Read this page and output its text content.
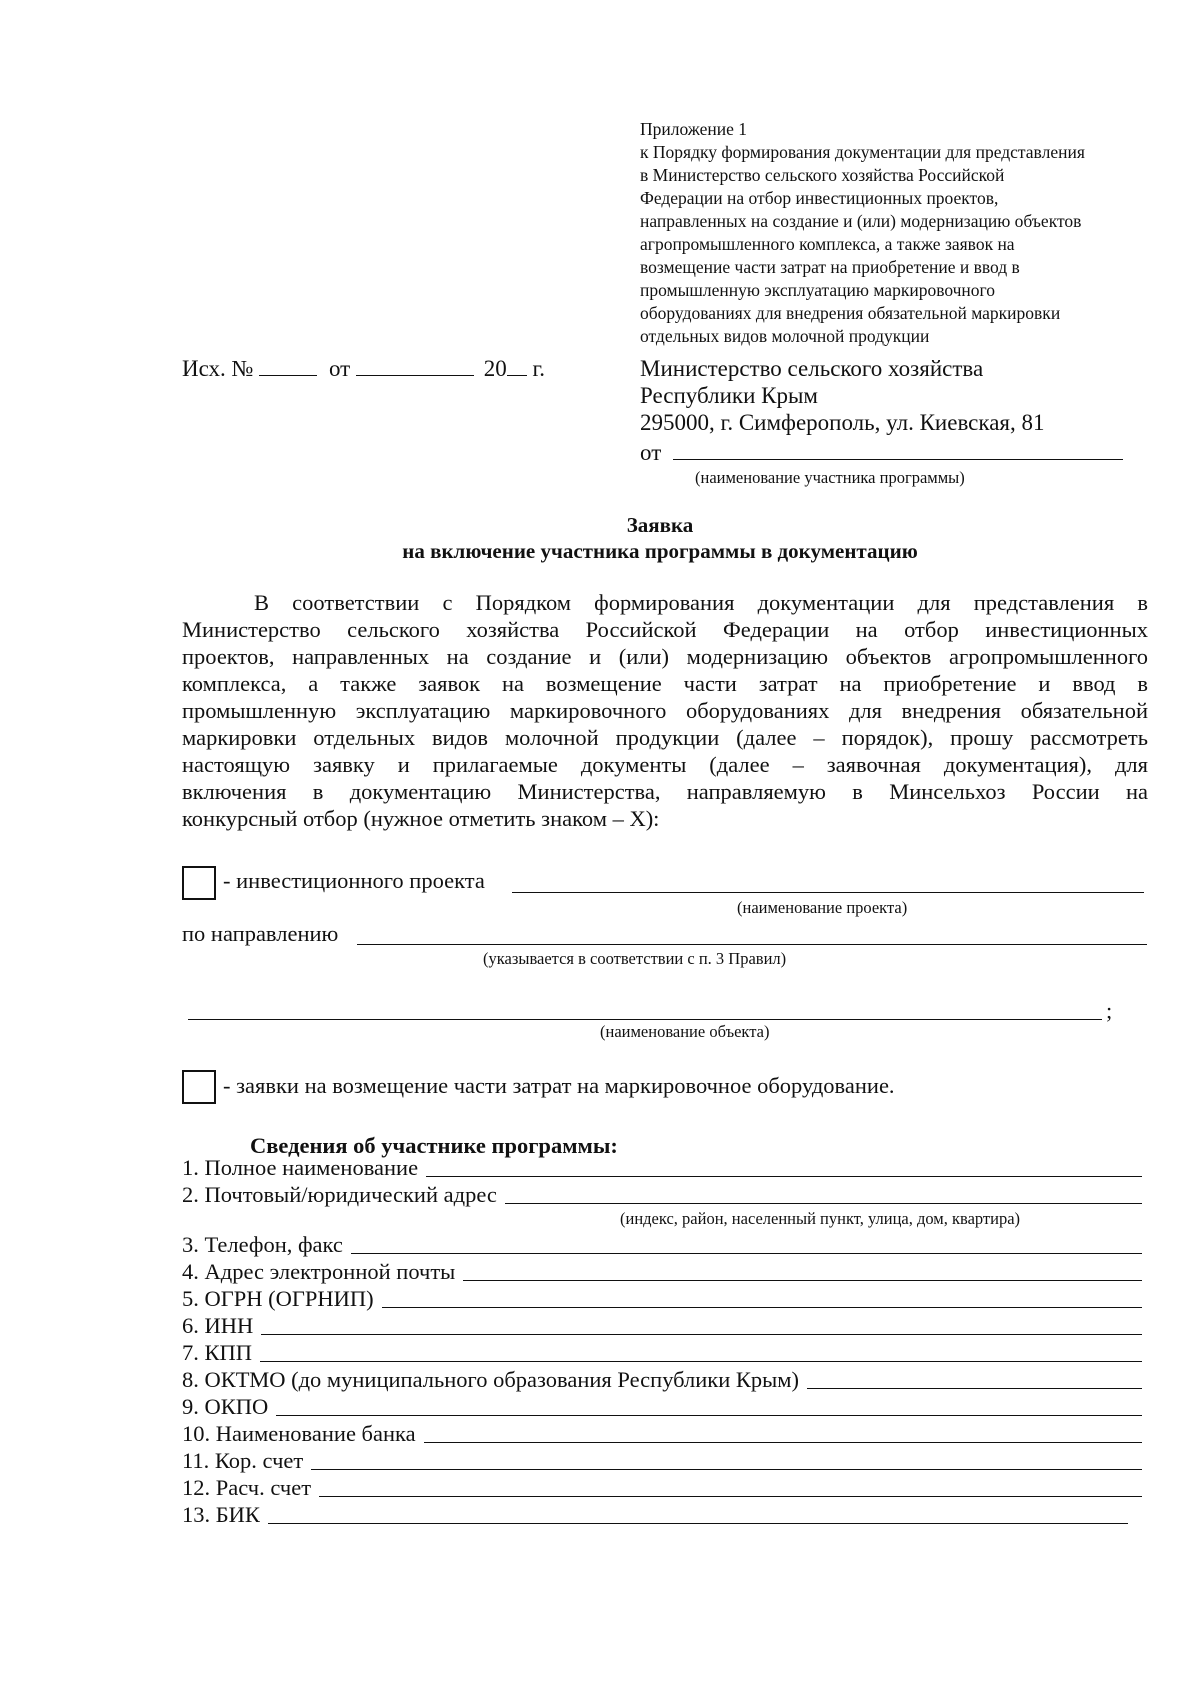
Приложение 1
к Порядку формирования документации для представления
в Министерство сельского хозяйства Российской
Федерации на отбор инвестиционных проектов,
направленных на создание и (или) модернизацию объектов
агропромышленного комплекса, а также заявок на
возмещение части затрат на приобретение и ввод в
промышленную эксплуатацию маркировочного
оборудованиях для внедрения обязательной маркировки
отдельных видов молочной продукции
Исх. №	от	20 г.	Министерство сельского хозяйства
Республики Крым
295000, г. Симферополь, ул. Киевская, 81
от
(наименование участника программы)
Заявка
на включение участника программы в документацию
В соответствии с Порядком формирования документации для представления в
Министерство сельского хозяйства Российской Федерации на отбор инвестиционных
проектов, направленных на создание и (или) модернизацию объектов агропромышленного
комплекса, а также заявок на возмещение части затрат на приобретение и ввод в
промышленную эксплуатацию маркировочного оборудованиях для внедрения обязательной
маркировки отдельных видов молочной продукции (далее – порядок), прошу рассмотреть
настоящую заявку и прилагаемые документы (далее – заявочная документация), для
включения в документацию Министерства, направляемую в Минсельхоз России на
конкурсный отбор (нужное отметить знаком – X):
- инвестиционного проекта
(наименование проекта)
по направлению
(указывается в соответствии с п. 3 Правил)
;
(наименование объекта)
- заявки на возмещение части затрат на маркировочное оборудование.
Сведения об участнике программы:
1. Полное наименование
2. Почтовый/юридический адрес
(индекс, район, населенный пункт, улица, дом, квартира)
3. Телефон, факс
4. Адрес электронной почты
5. ОГРН (ОГРНИП)
6. ИНН
7. КПП
8. ОКТМО (до муниципального образования Республики Крым)
9. ОКПО
10. Наименование банка
11. Кор. счет
12. Расч. счет
13. БИК
